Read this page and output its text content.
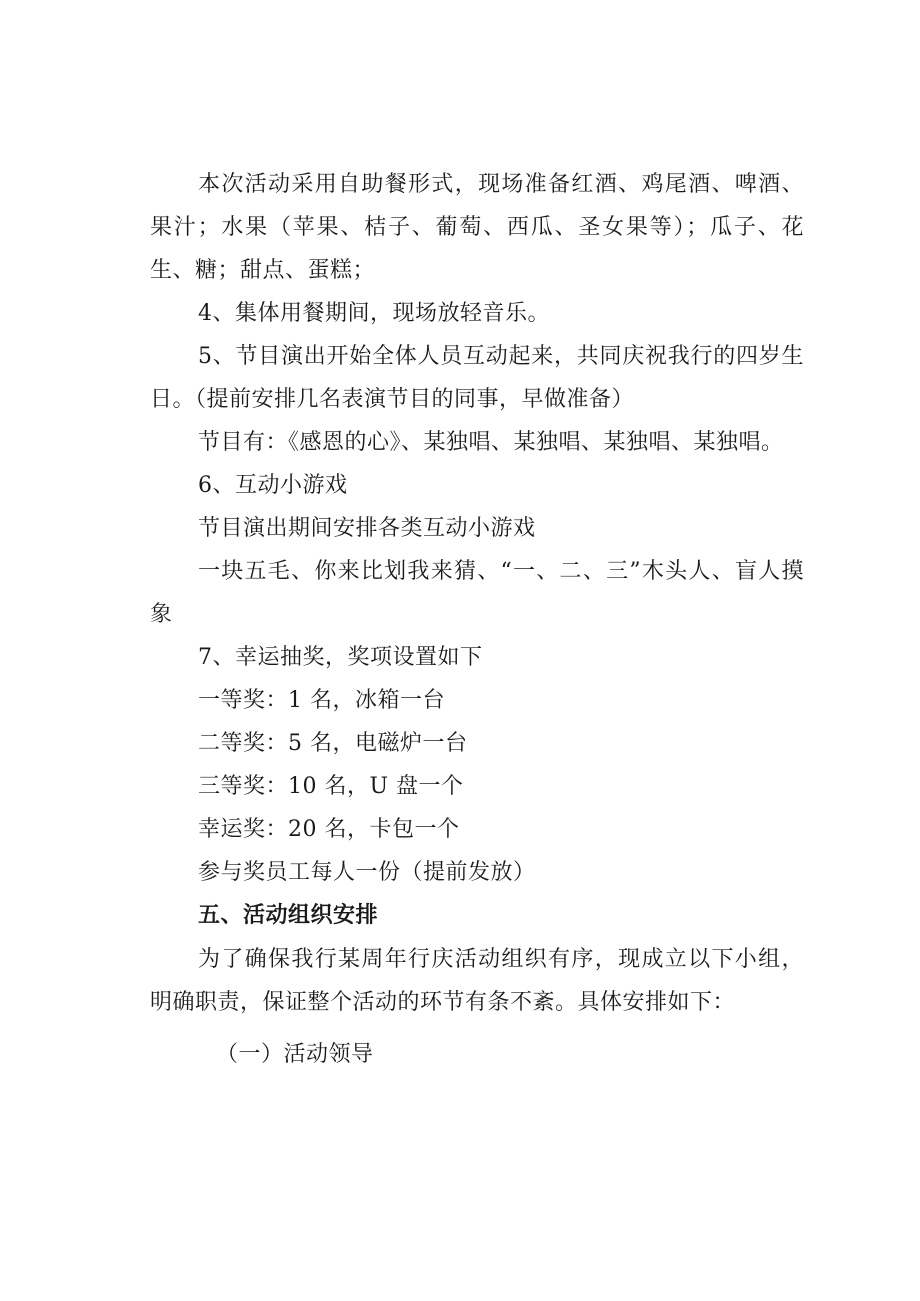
本次活动采用自助餐形式，现场准备红酒、鸡尾酒、啤酒、果汁；水果（苹果、桔子、葡萄、西瓜、圣女果等）；瓜子、花生、糖；甜点、蛋糕；

4、集体用餐期间，现场放轻音乐。

5、节目演出开始全体人员互动起来，共同庆祝我行的四岁生日。（提前安排几名表演节目的同事，早做准备）

节目有：《感恩的心》、某独唱、某独唱、某独唱、某独唱。

6、互动小游戏

节目演出期间安排各类互动小游戏

一块五毛、你来比划我来猜、“一、二、三”木头人、盲人摸象

7、幸运抽奖，奖项设置如下

一等奖：1 名，冰箱一台

二等奖：5 名，电磁炉一台

三等奖：10 名，U 盘一个

幸运奖：20 名，卡包一个

参与奖员工每人一份（提前发放）

五、活动组织安排

为了确保我行某周年行庆活动组织有序，现成立以下小组，明确职责，保证整个活动的环节有条不紊。具体安排如下：

（一）活动领导
